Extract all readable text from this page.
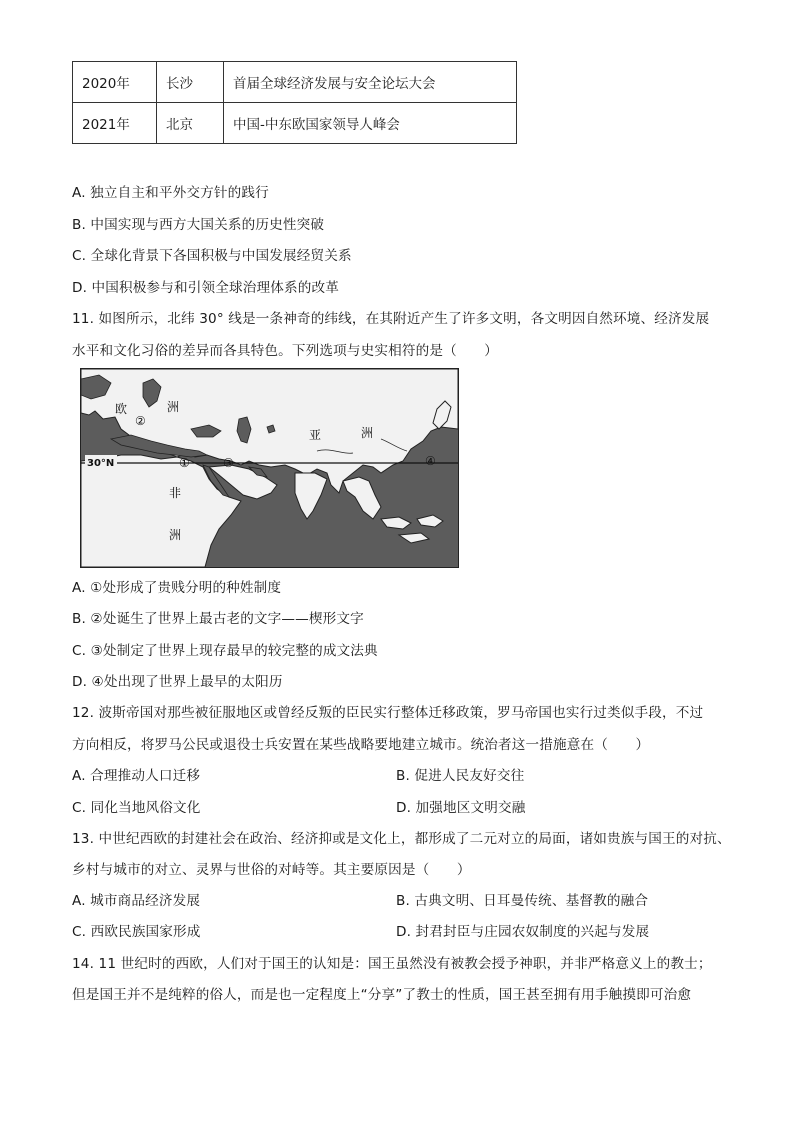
2020年	长沙	首届全球经济发展与安全论坛大会
2021年	北京	中国-中东欧国家领导人峰会
A. 独立自主和平外交方针的践行
B. 中国实现与西方大国关系的历史性突破
C. 全球化背景下各国积极与中国发展经贸关系
D. 中国积极参与和引领全球治理体系的改革
11. 如图所示，北纬 30° 线是一条神奇的纬线，在其附近产生了许多文明，各文明因自然环境、经济发展
水平和文化习俗的差异而各具特色。下列选项与史实相符的是（　　）
30°N
欧	洲
亚	洲
非
洲
②
①	③	④
A. ①处形成了贵贱分明的种姓制度
B. ②处诞生了世界上最古老的文字——楔形文字
C. ③处制定了世界上现存最早的较完整的成文法典
D. ④处出现了世界上最早的太阳历
12. 波斯帝国对那些被征服地区或曾经反叛的臣民实行整体迁移政策，罗马帝国也实行过类似手段，不过
方向相反，将罗马公民或退役士兵安置在某些战略要地建立城市。统治者这一措施意在（　　）
A. 合理推动人口迁移	B. 促进人民友好交往
C. 同化当地风俗文化	D. 加强地区文明交融
13. 中世纪西欧的封建社会在政治、经济抑或是文化上，都形成了二元对立的局面，诸如贵族与国王的对抗、
乡村与城市的对立、灵界与世俗的对峙等。其主要原因是（　　）
A. 城市商品经济发展	B. 古典文明、日耳曼传统、基督教的融合
C. 西欧民族国家形成	D. 封君封臣与庄园农奴制度的兴起与发展
14. 11 世纪时的西欧，人们对于国王的认知是：国王虽然没有被教会授予神职，并非严格意义上的教士；
但是国王并不是纯粹的俗人，而是也一定程度上“分享”了教士的性质，国王甚至拥有用手触摸即可治愈
